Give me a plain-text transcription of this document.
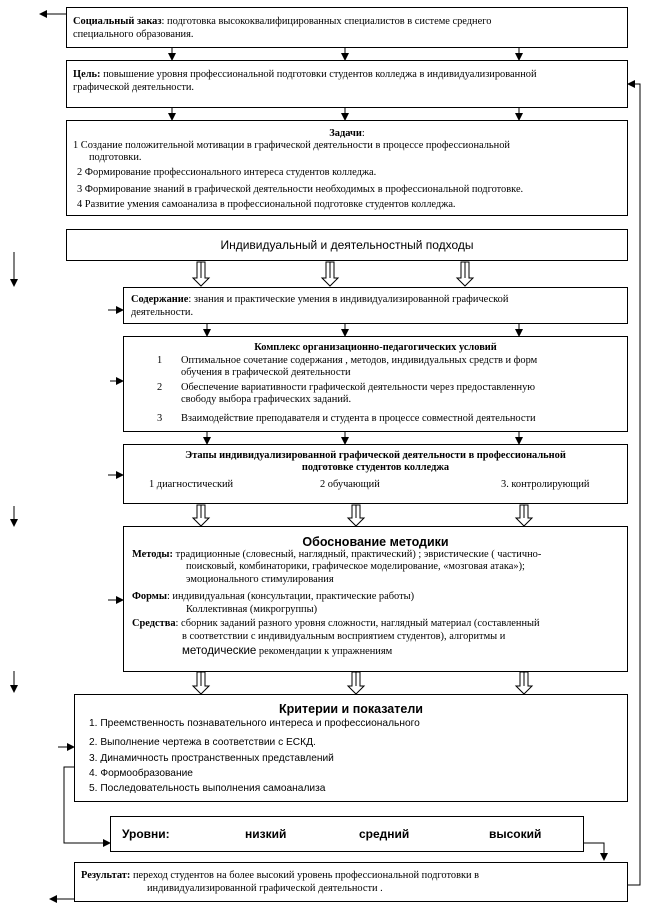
Социальный заказ: подготовка высококвалифицированных специалистов в системе среднего
специального образования.
Цель: повышение уровня профессиональной подготовки студентов колледжа в индивидуализированной
графической деятельности.
Задачи:
1 Создание положительной мотивации в графической деятельности в процессе профессиональной
подготовки.
2 Формирование профессионального интереса студентов колледжа.
3 Формирование знаний в графической деятельности необходимых в профессиональной подготовке.
4 Развитие умения самоанализа в профессиональной подготовке студентов колледжа.
Индивидуальный и деятельностный подходы
Содержание: знания и практические умения в индивидуализированной графической
деятельности.
Комплекс организационно-педагогических условий
1 Оптимальное сочетание содержания , методов, индивидуальных средств и форм
обучения в графической деятельности
2 Обеспечение вариативности графической деятельности через предоставленную
свободу выбора графических заданий.
3 Взаимодействие преподавателя и студента в процессе совместной деятельности
Этапы индивидуализированной графической деятельности в профессиональной
подготовке студентов колледжа
1 диагностический	2 обучающий	3. контролирующий
Обоснование методики
Методы: традиционные (словесный, наглядный, практический) ; эвристические ( частично-
поисковый, комбинаторики, графическое моделирование, «мозговая атака»);
эмоционального стимулирования
Формы: индивидуальная (консультации, практические работы)
Коллективная (микрогруппы)
Средства: сборник заданий разного уровня сложности, наглядный материал (составленный
в соответствии с индивидуальным восприятием студентов), алгоритмы и
методические рекомендации к упражнениям
Критерии и показатели
1. Преемственность познавательного интереса и профессионального
2. Выполнение чертежа в соответствии с ЕСКД.
3. Динамичность пространственных представлений
4. Формообразование
5. Последовательность выполнения самоанализа
Уровни:	низкий	средний	высокий
Результат: переход студентов на более высокий уровень профессиональной подготовки в
индивидуализированной графической деятельности .
